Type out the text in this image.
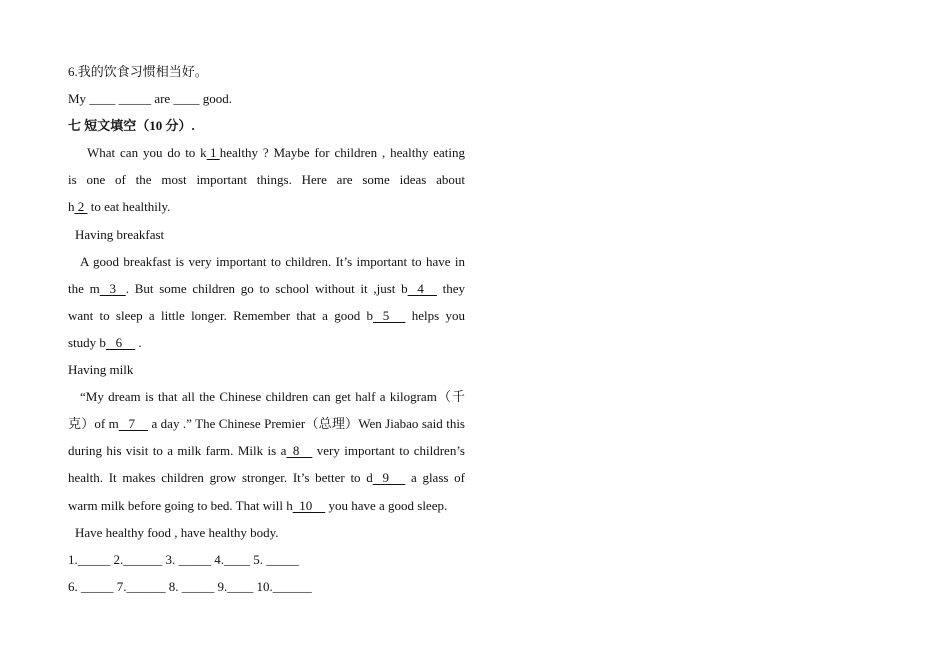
6.我的饮食习惯相当好。
My ____ _____ are ____ good.
七 短文填空（10 分）.
What can you do to k 1 healthy ? Maybe for children , healthy eating
is one of the most important things. Here are some ideas about
h 2  to eat healthily.
Having breakfast
A good breakfast is very important to children. It’s important to have in
the m   3   . But some children go to school without it ,just b   4     they
want to sleep a little longer. Remember that a good b   5      helps you
study b   6     .
Having milk
“My dream is that all the Chinese children can get half a kilogram（千
克）of m   7     a day .” The Chinese Premier（总理）Wen Jiabao said this
during his visit to a milk farm. Milk is a  8     very important to children’s
health. It makes children grow stronger. It’s better to d   9      a glass of
warm milk before going to bed. That will h  10     you have a good sleep.
Have healthy food , have healthy body.
1._____ 2.______ 3. _____ 4.____ 5. _____
6. _____ 7.______ 8. _____ 9.____ 10.______
